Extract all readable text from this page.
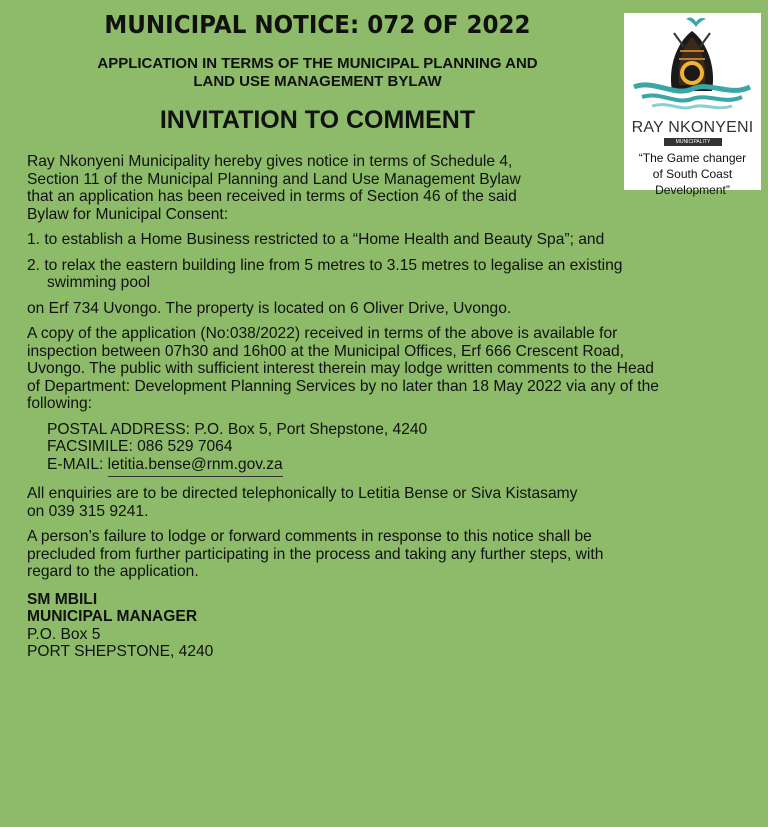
MUNICIPAL NOTICE: 072 OF 2022
APPLICATION IN TERMS OF THE MUNICIPAL PLANNING AND
LAND USE MANAGEMENT BYLAW
INVITATION TO COMMENT	RAY NKONYENI
MUNICIPALITY
“The Game changer
of South Coast
Development”
Ray Nkonyeni Municipality hereby gives notice in terms of Schedule 4,
Section 11 of the Municipal Planning and Land Use Management Bylaw
that an application has been received in terms of Section 46 of the said
Bylaw for Municipal Consent:
1. to establish a Home Business restricted to a “Home Health and Beauty Spa”; and
2. to relax the eastern building line from 5 metres to 3.15 metres to legalise an existing
swimming pool
on Erf 734 Uvongo. The property is located on 6 Oliver Drive, Uvongo.
A copy of the application (No:038/2022) received in terms of the above is available for
inspection between 07h30 and 16h00 at the Municipal Offices, Erf 666 Crescent Road,
Uvongo. The public with sufficient interest therein may lodge written comments to the Head
of Department: Development Planning Services by no later than 18 May 2022 via any of the
following:
POSTAL ADDRESS: P.O. Box 5, Port Shepstone, 4240
FACSIMILE: 086 529 7064
E-MAIL: letitia.bense@rnm.gov.za
All enquiries are to be directed telephonically to Letitia Bense or Siva Kistasamy
on 039 315 9241.
A person’s failure to lodge or forward comments in response to this notice shall be
precluded from further participating in the process and taking any further steps, with
regard to the application.
SM MBILI
MUNICIPAL MANAGER
P.O. Box 5
PORT SHEPSTONE, 4240
